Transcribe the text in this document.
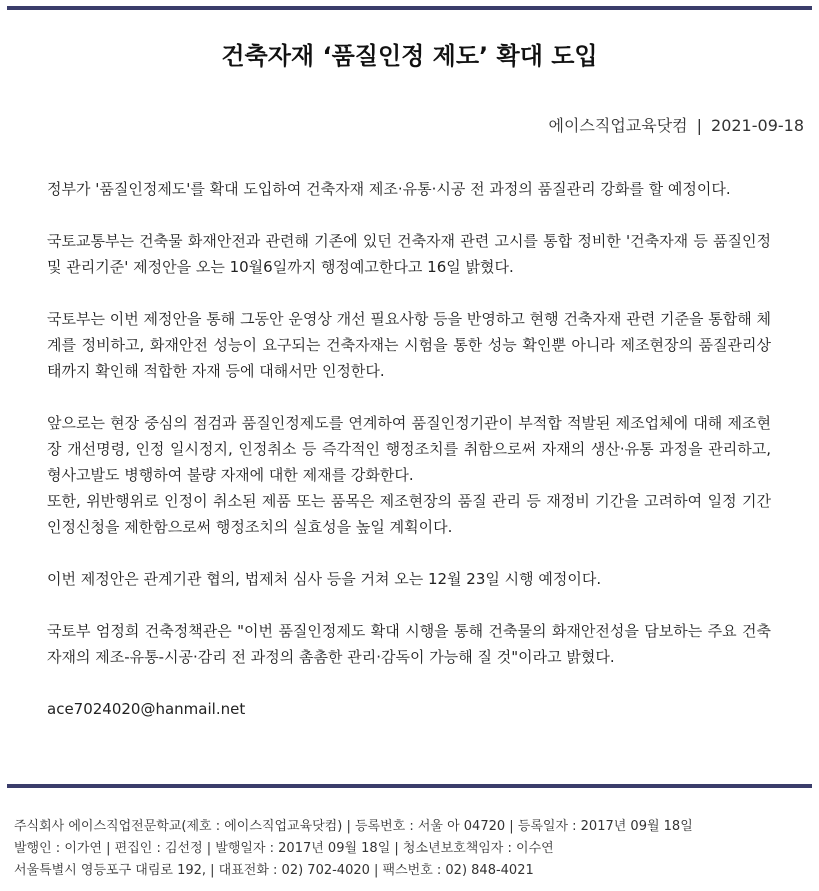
건축자재 ‘품질인정 제도’ 확대 도입
에이스직업교육닷컴 | 2021-09-18

정부가 '품질인정제도'를 확대 도입하여 건축자재 제조·유통·시공 전 과정의 품질관리 강화를 할 예정이다.

국토교통부는 건축물 화재안전과 관련해 기존에 있던 건축자재 관련 고시를 통합 정비한 '건축자재 등 품질인정 및 관리기준' 제정안을 오는 10월6일까지 행정예고한다고 16일 밝혔다.

국토부는 이번 제정안을 통해 그동안 운영상 개선 필요사항 등을 반영하고 현행 건축자재 관련 기준을 통합해 체계를 정비하고, 화재안전 성능이 요구되는 건축자재는 시험을 통한 성능 확인뿐 아니라 제조현장의 품질관리상태까지 확인해 적합한 자재 등에 대해서만 인정한다.

앞으로는 현장 중심의 점검과 품질인정제도를 연계하여 품질인정기관이 부적합 적발된 제조업체에 대해 제조현장 개선명령, 인정 일시정지, 인정취소 등 즉각적인 행정조치를 취함으로써 자재의 생산·유통 과정을 관리하고, 형사고발도 병행하여 불량 자재에 대한 제재를 강화한다.

또한, 위반행위로 인정이 취소된 제품 또는 품목은 제조현장의 품질 관리 등 재정비 기간을 고려하여 일정 기간 인정신청을 제한함으로써 행정조치의 실효성을 높일 계획이다.

이번 제정안은 관계기관 협의, 법제처 심사 등을 거쳐 오는 12월 23일 시행 예정이다.

국토부 엄정희 건축정책관은 "이번 품질인정제도 확대 시행을 통해 건축물의 화재안전성을 담보하는 주요 건축자재의 제조-유통-시공·감리 전 과정의 촘촘한 관리·감독이 가능해 질 것"이라고 밝혔다.

ace7024020@hanmail.net

주식회사 에이스직업전문학교(제호 : 에이스직업교육닷컴) | 등록번호 : 서울 아 04720 | 등록일자 : 2017년 09월 18일
발행인 : 이가연 | 편집인 : 김선정 | 발행일자 : 2017년 09월 18일 | 청소년보호책임자 : 이수연
서울특별시 영등포구 대림로 192, | 대표전화 : 02) 702-4020 | 팩스번호 : 02) 848-4021
